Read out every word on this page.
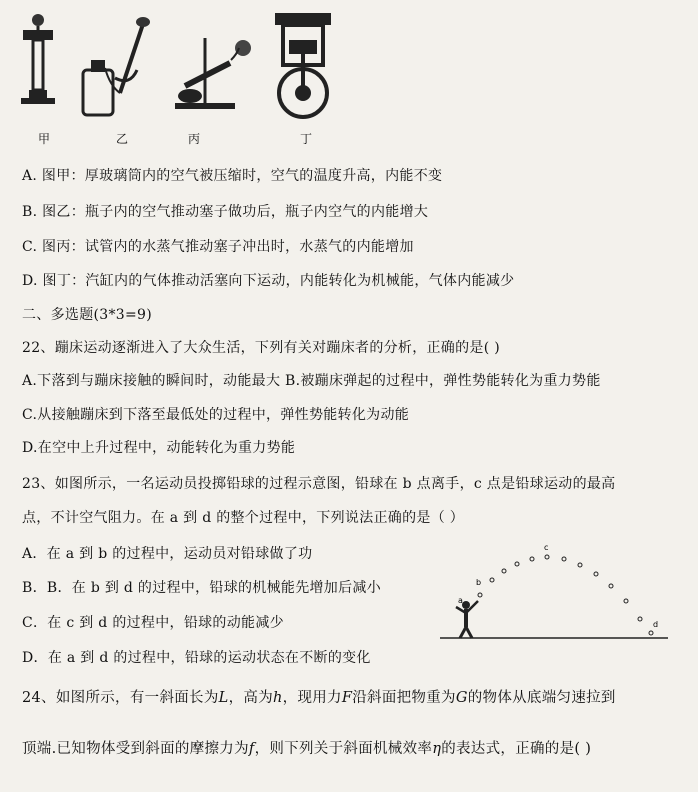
甲	乙	丙	丁
A. 图甲：厚玻璃筒内的空气被压缩时，空气的温度升高，内能不变
B. 图乙：瓶子内的空气推动塞子做功后，瓶子内空气的内能增大
C. 图丙：试管内的水蒸气推动塞子冲出时，水蒸气的内能增加
D. 图丁：汽缸内的气体推动活塞向下运动，内能转化为机械能，气体内能减少
二、多选题(3*3=9)
22、蹦床运动逐渐进入了大众生活，下列有关对蹦床者的分析，正确的是( )
A.下落到与蹦床接触的瞬间时，动能最大 B.被蹦床弹起的过程中，弹性势能转化为重力势能
C.从接触蹦床到下落至最低处的过程中，弹性势能转化为动能
D.在空中上升过程中，动能转化为重力势能
23、如图所示，一名运动员投掷铅球的过程示意图，铅球在 b 点离手，c 点是铅球运动的最高
点，不计空气阻力。在 a 到 d 的整个过程中，下列说法正确的是（ ）
A．在 a 到 b 的过程中，运动员对铅球做了功
B．B．在 b 到 d 的过程中，铅球的机械能先增加后减小
C．在 c 到 d 的过程中，铅球的动能减少
D．在 a 到 d 的过程中，铅球的运动状态在不断的变化
a
b
c
d
24、如图所示，有一斜面长为L，高为h，现用力F沿斜面把物重为G的物体从底端匀速拉到
顶端.已知物体受到斜面的摩擦力为f，则下列关于斜面机械效率η的表达式，正确的是( )
